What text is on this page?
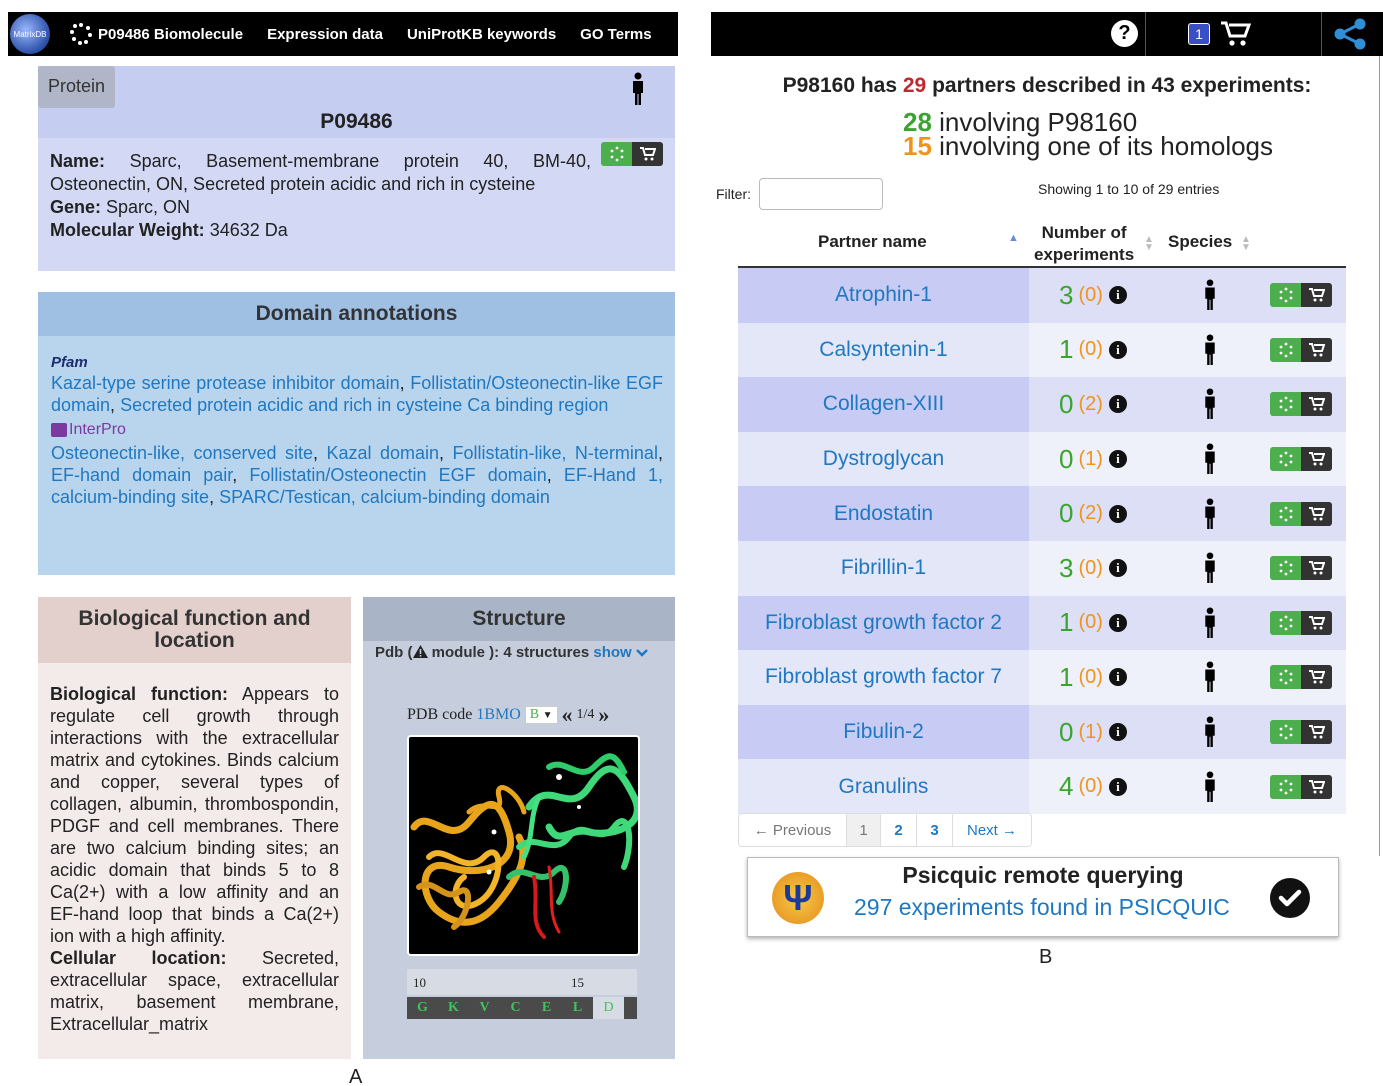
MatrixDB	P09486 Biomolecule Expression data UniProtKB keywords GO Terms
Protein
P09486
Name: Sparc, Basement-membrane protein 40, BM-40, Osteonectin, ON, Secreted protein acidic and rich in cysteine
Gene: Sparc, ON
Molecular Weight: 34632 Da
Domain annotations
Pfam
Kazal-type serine protease inhibitor domain, Follistatin/Osteonectin-like EGF domain, Secreted protein acidic and rich in cysteine Ca binding region
InterPro
Osteonectin-like, conserved site, Kazal domain, Follistatin-like, N-terminal, EF-hand domain pair, Follistatin/Osteonectin EGF domain, EF-Hand 1, calcium-binding site, SPARC/Testican, calcium-binding domain
Biological function and location
Biological function: Appears to regulate cell growth through interactions with the extracellular matrix and cytokines. Binds calcium and copper, several types of collagen, albumin, thrombospondin, PDGF and cell membranes. There are two calcium binding sites; an acidic domain that binds 5 to 8 Ca(2+) with a low affinity and an EF-hand loop that binds a Ca(2+) ion with a high affinity.
Cellular location: Secreted, extracellular space, extracellular matrix, basement membrane, Extracellular_matrix
Structure
Pdb ( module ): 4 structures show
PDB code 1BMO B ▼ « 1/4 »
10	15
G	K	V	C	E	L	D
A
?	1
P98160 has 29 partners described in 43 experiments:
28 involving P98160
15 involving one of its homologs
Filter:	Showing 1 to 10 of 29 entries
Partner name	▲	Number of
experiments
▲
▼ Species ▲
▼
Atrophin-1	3 (0)	i
Calsyntenin-1	1 (0)	i
Collagen-XIII	0 (2)	i
Dystroglycan	0 (1)	i
Endostatin	0 (2)	i
Fibrillin-1	3 (0)	i
Fibroblast growth factor 2	1 (0)	i
Fibroblast growth factor 7	1 (0)	i
Fibulin-2	0 (1)	i
Granulins	4 (0)	i
← Previous	1	2	3	Next →
Ψ
Psicquic remote querying
297 experiments found in PSICQUIC
B
